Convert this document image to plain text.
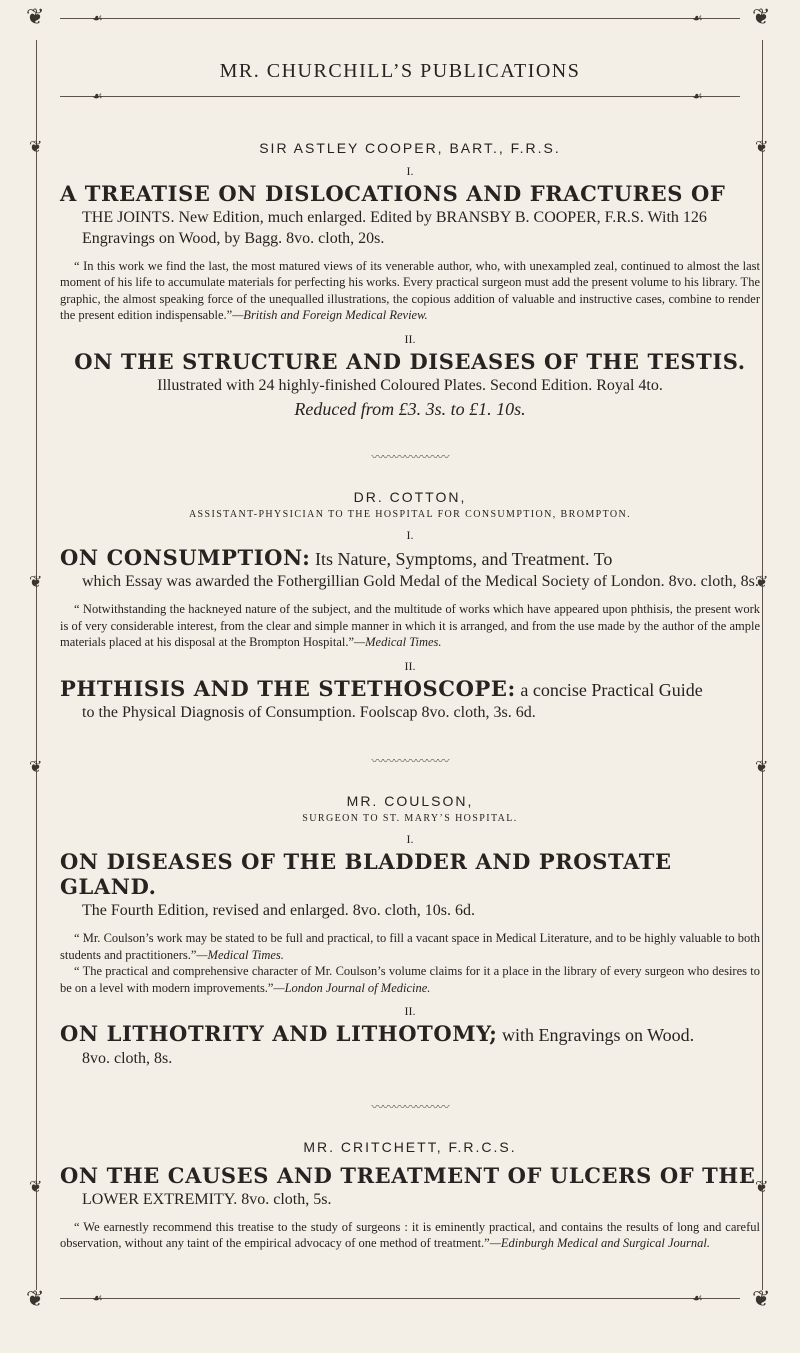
❦	❦
❦	❦
☙	☙
☙	☙
☙	☙
❦	❦
❦	❦
❦	❦
❦	❦
MR. CHURCHILL’S PUBLICATIONS

SIR ASTLEY COOPER, BART., F.R.S.

I.

A TREATISE ON DISLOCATIONS AND FRACTURES OF

THE JOINTS. New Edition, much enlarged. Edited by BRANSBY B. COOPER, F.R.S. With 126 Engravings on Wood, by Bagg. 8vo. cloth, 20s.

“ In this work we find the last, the most matured views of its venerable author, who, with unexampled zeal, continued to almost the last moment of his life to accumulate materials for perfecting his works. Every practical surgeon must add the present volume to his library. The graphic, the almost speaking force of the unequalled illustrations, the copious addition of valuable and instructive cases, combine to render the present edition indispensable.”—British and Foreign Medical Review.

II.

ON THE STRUCTURE AND DISEASES OF THE TESTIS.

Illustrated with 24 highly-finished Coloured Plates. Second Edition. Royal 4to.

Reduced from £3. 3s. to £1. 10s.

〰〰〰〰〰〰〰

DR. COTTON,

ASSISTANT-PHYSICIAN TO THE HOSPITAL FOR CONSUMPTION, BROMPTON.

I.

ON CONSUMPTION: Its Nature, Symptoms, and Treatment. To

which Essay was awarded the Fothergillian Gold Medal of the Medical Society of London. 8vo. cloth, 8s.

“ Notwithstanding the hackneyed nature of the subject, and the multitude of works which have appeared upon phthisis, the present work is of very considerable interest, from the clear and simple manner in which it is arranged, and from the use made by the author of the ample materials placed at his disposal at the Brompton Hospital.”—Medical Times.

II.

PHTHISIS AND THE STETHOSCOPE: a concise Practical Guide

to the Physical Diagnosis of Consumption. Foolscap 8vo. cloth, 3s. 6d.

〰〰〰〰〰〰〰

MR. COULSON,

SURGEON TO ST. MARY’S HOSPITAL.

I.

ON DISEASES OF THE BLADDER AND PROSTATE GLAND.

The Fourth Edition, revised and enlarged. 8vo. cloth, 10s. 6d.

“ Mr. Coulson’s work may be stated to be full and practical, to fill a vacant space in Medical Literature, and to be highly valuable to both students and practitioners.”—Medical Times.

“ The practical and comprehensive character of Mr. Coulson’s volume claims for it a place in the library of every surgeon who desires to be on a level with modern improvements.”—London Journal of Medicine.

II.

ON LITHOTRITY AND LITHOTOMY; with Engravings on Wood.

8vo. cloth, 8s.

〰〰〰〰〰〰〰

MR. CRITCHETT, F.R.C.S.

ON THE CAUSES AND TREATMENT OF ULCERS OF THE

LOWER EXTREMITY. 8vo. cloth, 5s.

“ We earnestly recommend this treatise to the study of surgeons : it is eminently practical, and contains the results of long and careful observation, without any taint of the empirical advocacy of one method of treatment.”—Edinburgh Medical and Surgical Journal.
